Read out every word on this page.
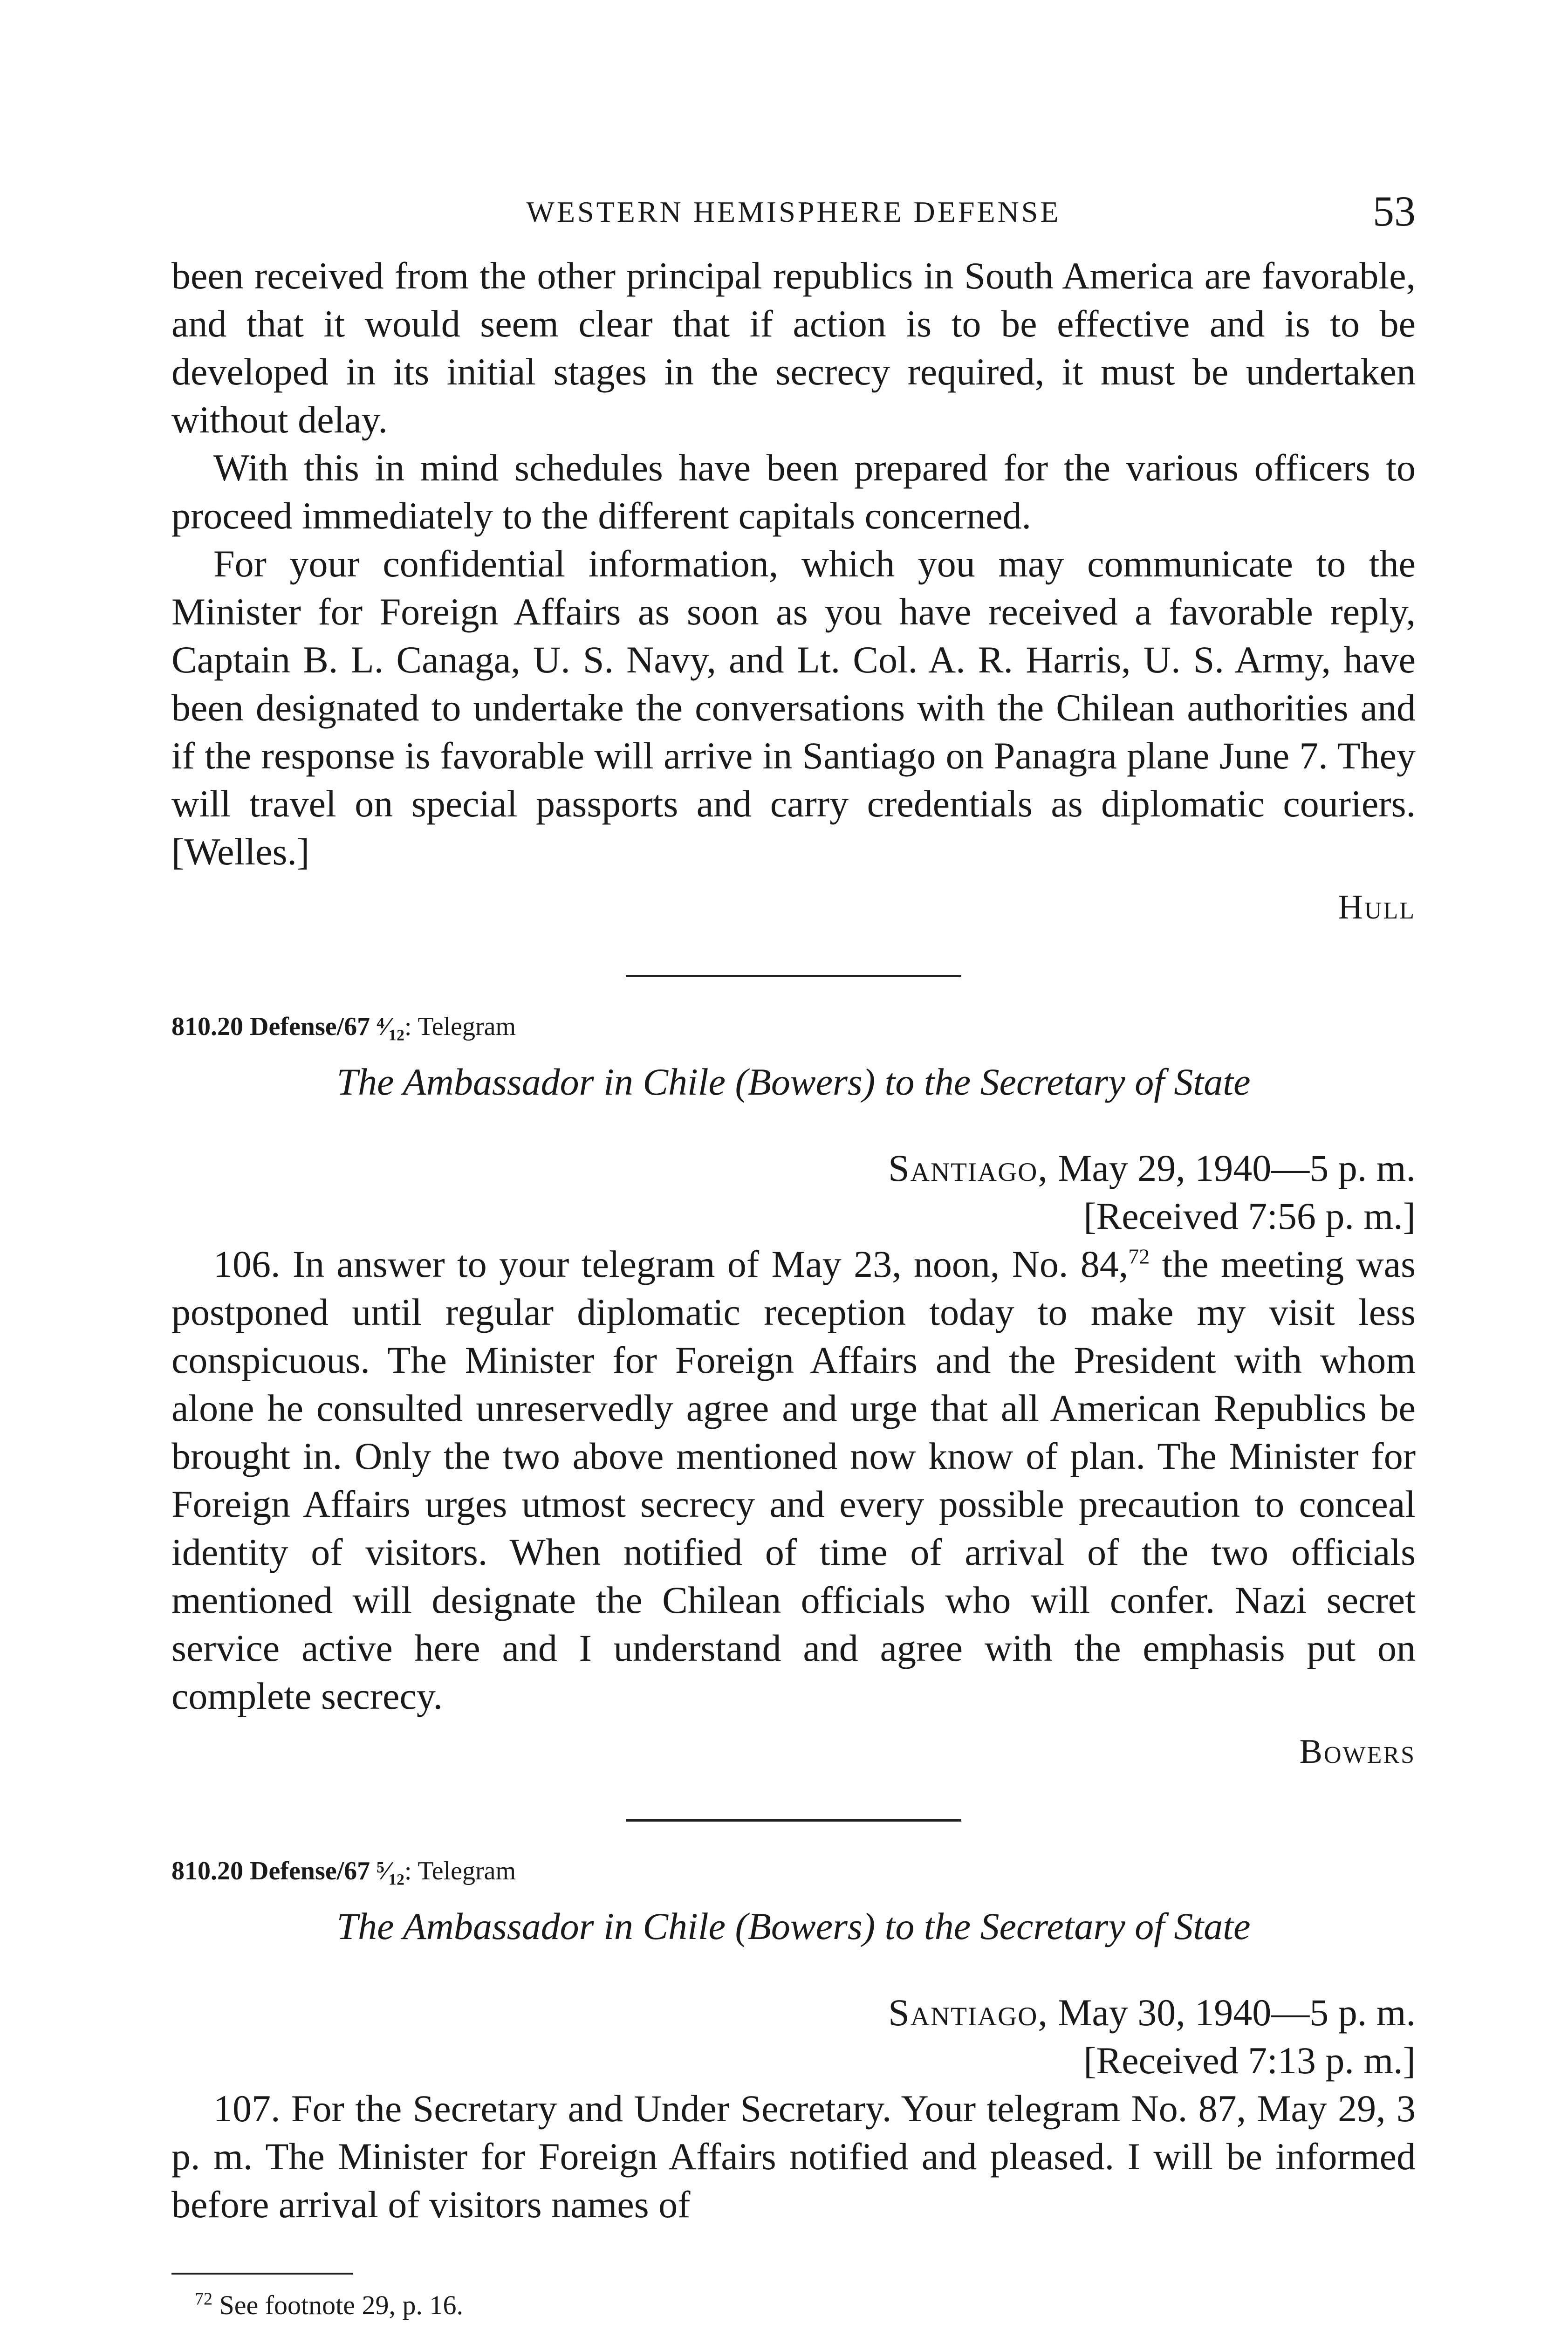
WESTERN HEMISPHERE DEFENSE	53

been received from the other principal republics in South America are favorable, and that it would seem clear that if action is to be effective and is to be developed in its initial stages in the secrecy required, it must be undertaken without delay.

With this in mind schedules have been prepared for the various officers to proceed immediately to the different capitals concerned.

For your confidential information, which you may communicate to the Minister for Foreign Affairs as soon as you have received a favorable reply, Captain B. L. Canaga, U. S. Navy, and Lt. Col. A. R. Harris, U. S. Army, have been designated to undertake the conversations with the Chilean authorities and if the response is favorable will arrive in Santiago on Panagra plane June 7. They will travel on special passports and carry credentials as diplomatic couriers. [Welles.]

Hull
810.20 Defense/67 ⁴⁄₁₂: Telegram
The Ambassador in Chile (Bowers) to the Secretary of State
Santiago, May 29, 1940—5 p. m.
[Received 7:56 p. m.]

106. In answer to your telegram of May 23, noon, No. 84,72 the meeting was postponed until regular diplomatic reception today to make my visit less conspicuous. The Minister for Foreign Affairs and the President with whom alone he consulted unreservedly agree and urge that all American Republics be brought in. Only the two above mentioned now know of plan. The Minister for Foreign Affairs urges utmost secrecy and every possible precaution to conceal identity of visitors. When notified of time of arrival of the two officials mentioned will designate the Chilean officials who will confer. Nazi secret service active here and I understand and agree with the emphasis put on complete secrecy.

Bowers
810.20 Defense/67 ⁵⁄₁₂: Telegram
The Ambassador in Chile (Bowers) to the Secretary of State
Santiago, May 30, 1940—5 p. m.
[Received 7:13 p. m.]

107. For the Secretary and Under Secretary. Your telegram No. 87, May 29, 3 p. m. The Minister for Foreign Affairs notified and pleased. I will be informed before arrival of visitors names of

$^{72}$ See footnote 29, p. 16.
